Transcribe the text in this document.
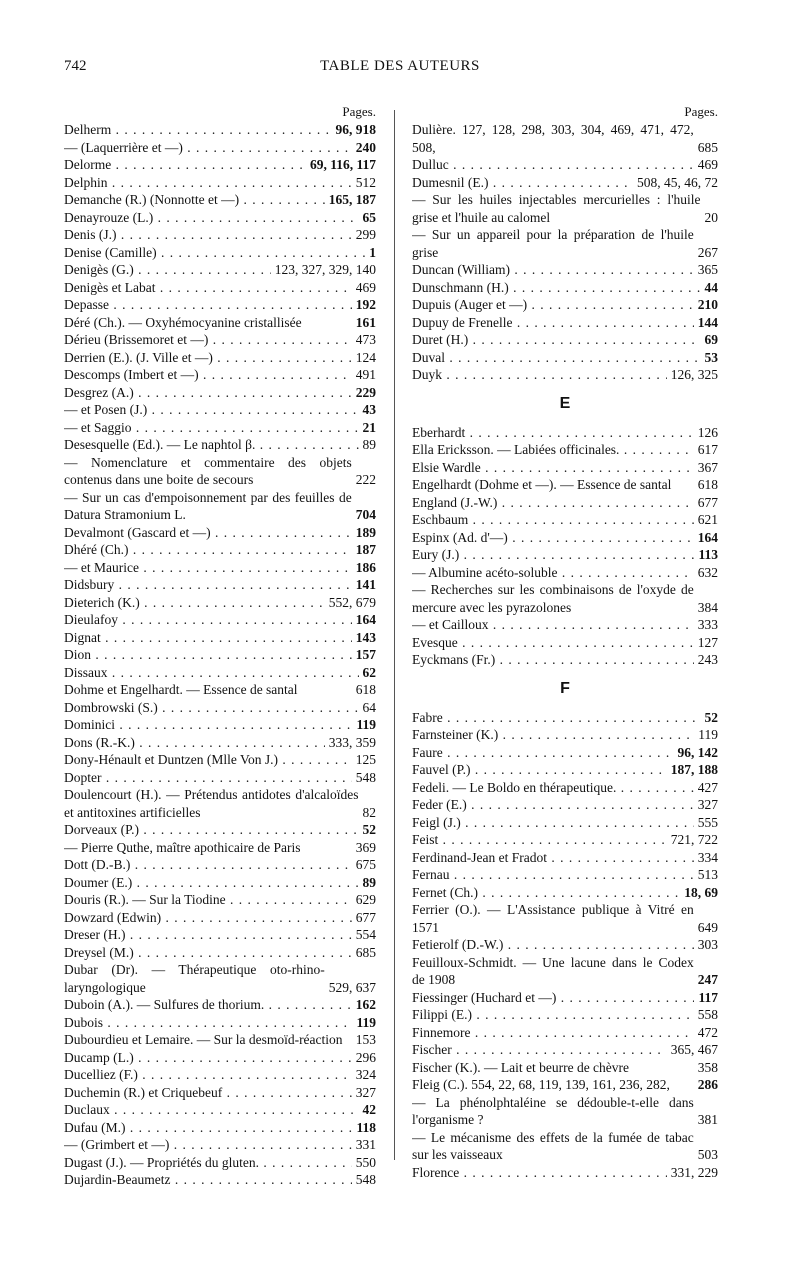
742	TABLE DES AUTEURS
Pages.
Delherm . . .	96, 918
— (Laquerrière et —) . . .	240
Delorme . . .	69, 116, 117
Delphin . . .	512
Demanche (R.) (Nonnotte et —) . . .	165, 187
Denayrouze (L.) . . .	65
Denis (J.) . . .	299
Denise (Camille) . . .	1
Denigès (G.) . . .	123, 327, 329, 140
Denigès et Labat . . .	469
Depasse . . .	192
Déré (Ch.). — Oxyhémocyanine cristallisée	161
Dérieu (Brissemoret et —) . . .	473
Derrien (E.). (J. Ville et —) . . .	124
Descomps (Imbert et —) . . .	491
Desgrez (A.) . . .	229
— et Posen (J.) . . .	43
— et Saggio . . .	21
Desesquelle (Ed.). — Le naphtol β. . . .	89
— Nomenclature et commentaire des objets contenus dans une boite de secours	222
— Sur un cas d'empoisonnement par des feuilles de Datura Stramonium L.	704
Devalmont (Gascard et —) . . .	189
Dhéré (Ch.) . . .	187
— et Maurice . . .	186
Didsbury . . .	141
Dieterich (K.) . . .	552, 679
Dieulafoy . . .	164
Dignat . . .	143
Dion . . .	157
Dissaux . . .	62
Dohme et Engelhardt. — Essence de santal	618
Dombrowski (S.) . . .	64
Dominici . . .	119
Dons (R.-K.) . . .	333, 359
Dony-Hénault et Duntzen (Mlle Von J.) . . .	125
Dopter . . .	548
Doulencourt (H.). — Prétendus antidotes d'alcaloïdes et antitoxines artificielles	82
Dorveaux (P.) . . .	52
— Pierre Quthe, maître apothicaire de Paris	369
Dott (D.-B.) . . .	675
Doumer (E.) . . .	89
Douris (R.). — Sur la Tiodine . . .	629
Dowzard (Edwin) . . .	677
Dreser (H.) . . .	554
Dreysel (M.) . . .	685
Dubar (Dr). — Thérapeutique oto-rhino-laryngologique	529, 637
Duboin (A.). — Sulfures de thorium. . . .	162
Dubois . . .	119
Dubourdieu et Lemaire. — Sur la desmoïd-réaction 153
Ducamp (L.) . . .	296
Ducelliez (F.) . . .	324
Duchemin (R.) et Criquebeuf . . .	327
Duclaux . . .	42
Dufau (M.) . . .	118
— (Grimbert et —) . . .	331
Dugast (J.). — Propriétés du gluten. . . .	550
Dujardin-Beaumetz . . .	548
Pages.
Dulière. 127, 128, 298, 303, 304, 469, 471, 472, 508,	685
Dulluc . . .	469
Dumesnil (E.) . . .	508, 45, 46, 72
— Sur les huiles injectables mercurielles : l'huile grise et l'huile au calomel	20
— Sur un appareil pour la préparation de l'huile grise	267
Duncan (William) . . .	365
Dunschmann (H.) . . .	44
Dupuis (Auger et —) . . .	210
Dupuy de Frenelle . . .	144
Duret (H.) . . .	69
Duval . . .	53
Duyk . . .	126, 325
E
Eberhardt . . .	126
Ella Ericksson. — Labiées officinales. . . .	617
Elsie Wardle . . .	367
Engelhardt (Dohme et —). — Essence de santal	618
England (J.-W.) . . .	677
Eschbaum . . .	621
Espinx (Ad. d'—) . . .	164
Eury (J.) . . .	113
— Albumine acéto-soluble . . .	632
— Recherches sur les combinaisons de l'oxyde de mercure avec les pyrazolones	384
— et Cailloux . . .	333
Evesque . . .	127
Eyckmans (Fr.) . . .	243
F
Fabre . . .	52
Farnsteiner (K.) . . .	119
Faure . . .	96, 142
Fauvel (P.) . . .	187, 188
Fedeli. — Le Boldo en thérapeutique. . . .	427
Feder (E.) . . .	327
Feigl (J.) . . .	555
Feist . . .	721, 722
Ferdinand-Jean et Fradot . . .	334
Fernau . . .	513
Fernet (Ch.) . . .	18, 69
Ferrier (O.). — L'Assistance publique à Vitré en 1571	649
Fetierolf (D.-W.) . . .	303
Feuilloux-Schmidt. — Une lacune dans le Codex de 1908	247
Fiessinger (Huchard et —) . . .	117
Filippi (E.) . . .	558
Finnemore . . .	472
Fischer . . .	365, 467
Fischer (K.). — Lait et beurre de chèvre	358
Fleig (C.). 554, 22, 68, 119, 139, 161, 236, 282,	286
— La phénolphtaléine se dédouble-t-elle dans l'organisme ?	381
— Le mécanisme des effets de la fumée de tabac sur les vaisseaux	503
Florence . . .	331, 229
